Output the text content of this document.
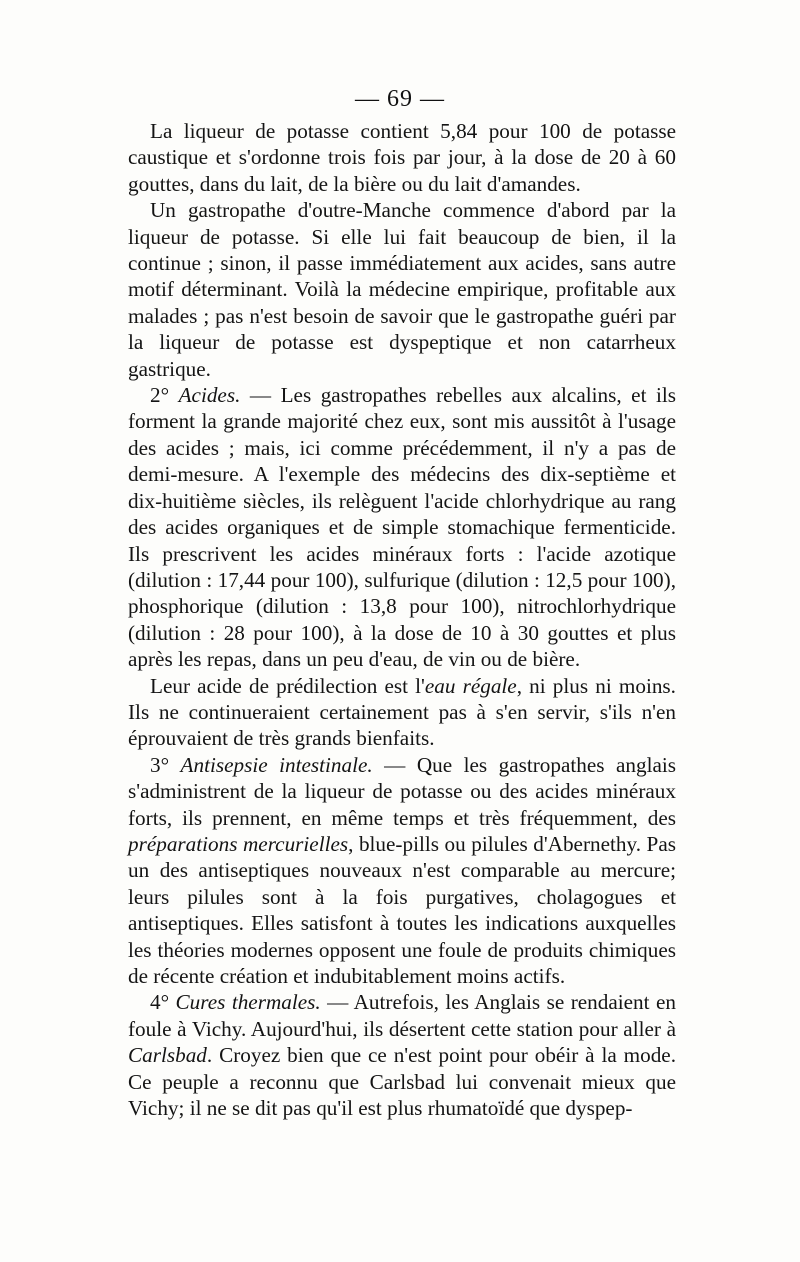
— 69 —

La liqueur de potasse contient 5,84 pour 100 de potasse caustique et s'ordonne trois fois par jour, à la dose de 20 à 60 gouttes, dans du lait, de la bière ou du lait d'amandes.

Un gastropathe d'outre-Manche commence d'abord par la liqueur de potasse. Si elle lui fait beaucoup de bien, il la continue ; sinon, il passe immédiatement aux acides, sans autre motif déterminant. Voilà la médecine empirique, profitable aux malades ; pas n'est besoin de savoir que le gastropathe guéri par la liqueur de potasse est dyspeptique et non catarrheux gastrique.

2° Acides. — Les gastropathes rebelles aux alcalins, et ils forment la grande majorité chez eux, sont mis aussitôt à l'usage des acides ; mais, ici comme précédemment, il n'y a pas de demi-mesure. A l'exemple des médecins des dix-septième et dix-huitième siècles, ils relèguent l'acide chlorhydrique au rang des acides organiques et de simple stomachique fermenticide. Ils prescrivent les acides minéraux forts : l'acide azotique (dilution : 17,44 pour 100), sulfurique (dilution : 12,5 pour 100), phosphorique (dilution : 13,8 pour 100), nitrochlorhydrique (dilution : 28 pour 100), à la dose de 10 à 30 gouttes et plus après les repas, dans un peu d'eau, de vin ou de bière.

Leur acide de prédilection est l'eau régale, ni plus ni moins. Ils ne continueraient certainement pas à s'en servir, s'ils n'en éprouvaient de très grands bienfaits.

3° Antisepsie intestinale. — Que les gastropathes anglais s'administrent de la liqueur de potasse ou des acides minéraux forts, ils prennent, en même temps et très fréquemment, des préparations mercurielles, blue-pills ou pilules d'Abernethy. Pas un des antiseptiques nouveaux n'est comparable au mercure; leurs pilules sont à la fois purgatives, cholagogues et antiseptiques. Elles satisfont à toutes les indications auxquelles les théories modernes opposent une foule de produits chimiques de récente création et indubitablement moins actifs.

4° Cures thermales. — Autrefois, les Anglais se rendaient en foule à Vichy. Aujourd'hui, ils désertent cette station pour aller à Carlsbad. Croyez bien que ce n'est point pour obéir à la mode. Ce peuple a reconnu que Carlsbad lui convenait mieux que Vichy; il ne se dit pas qu'il est plus rhumatoïdé que dyspep-
